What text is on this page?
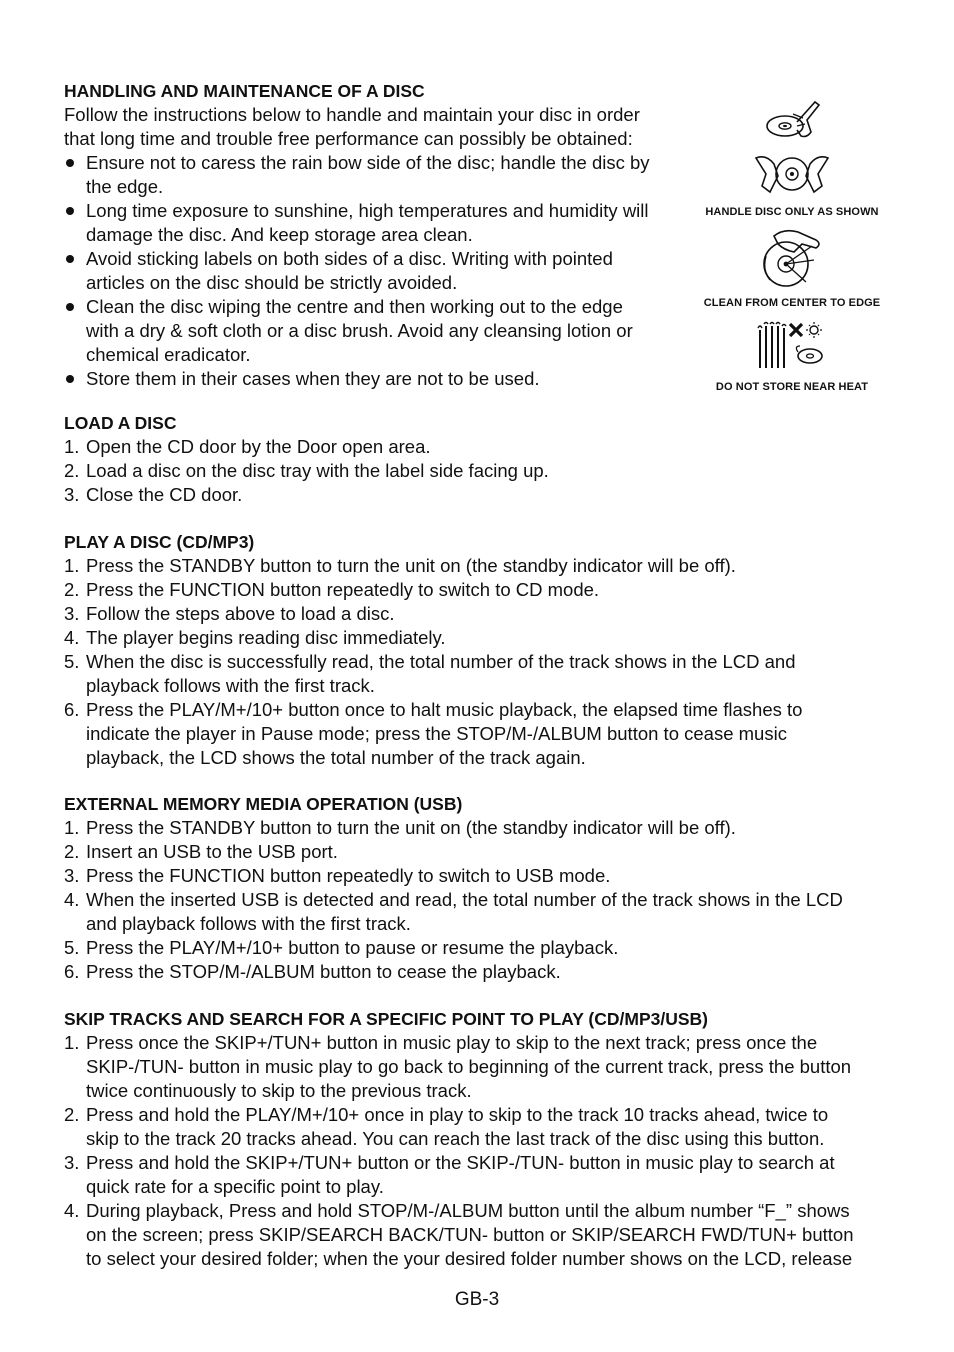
HANDLING AND MAINTENANCE OF A DISC

Follow the instructions below to handle and maintain your disc in order

that long time and trouble free performance can possibly be obtained:

Ensure not to caress the rain bow side of the disc; handle the disc by
the edge.
Long time exposure to sunshine, high temperatures and humidity will
damage the disc. And keep storage area clean.
Avoid sticking labels on both sides of a disc. Writing with pointed
articles on the disc should be strictly avoided.
Clean the disc wiping the centre and then working out to the edge
with a dry & soft cloth or a disc brush. Avoid any cleansing lotion or
chemical eradicator.
Store them in their cases when they are not to be used.
HANDLE DISC ONLY AS SHOWN
CLEAN FROM CENTER TO EDGE
DO NOT STORE NEAR HEAT
LOAD A DISC
1. Open the CD door by the Door open area.
2. Load a disc on the disc tray with the label side facing up.
3. Close the CD door.
PLAY A DISC (CD/MP3)
1. Press the STANDBY button to turn the unit on (the standby indicator will be off).
2. Press the FUNCTION button repeatedly to switch to CD mode.
3. Follow the steps above to load a disc.
4. The player begins reading disc immediately.
5. When the disc is successfully read, the total number of the track shows in the LCD and
playback follows with the first track.
6. Press the PLAY/M+/10+ button once to halt music playback, the elapsed time flashes to
indicate the player in Pause mode; press the STOP/M-/ALBUM button to cease music
playback, the LCD shows the total number of the track again.
EXTERNAL MEMORY MEDIA OPERATION (USB)
1. Press the STANDBY button to turn the unit on (the standby indicator will be off).
2. Insert an USB to the USB port.
3. Press the FUNCTION button repeatedly to switch to USB mode.
4. When the inserted USB is detected and read, the total number of the track shows in the LCD
and playback follows with the first track.
5. Press the PLAY/M+/10+ button to pause or resume the playback.
6. Press the STOP/M-/ALBUM button to cease the playback.
SKIP TRACKS AND SEARCH FOR A SPECIFIC POINT TO PLAY (CD/MP3/USB)
1. Press once the SKIP+/TUN+ button in music play to skip to the next track; press once the
SKIP-/TUN- button in music play to go back to beginning of the current track, press the button
twice continuously to skip to the previous track.
2. Press and hold the PLAY/M+/10+ once in play to skip to the track 10 tracks ahead, twice to
skip to the track 20 tracks ahead. You can reach the last track of the disc using this button.
3. Press and hold the SKIP+/TUN+ button or the SKIP-/TUN- button in music play to search at
quick rate for a specific point to play.
4. During playback, Press and hold STOP/M-/ALBUM button until the album number “F_” shows
on the screen; press SKIP/SEARCH BACK/TUN- button or SKIP/SEARCH FWD/TUN+ button
to select your desired folder; when the your desired folder number shows on the LCD, release
GB-3
